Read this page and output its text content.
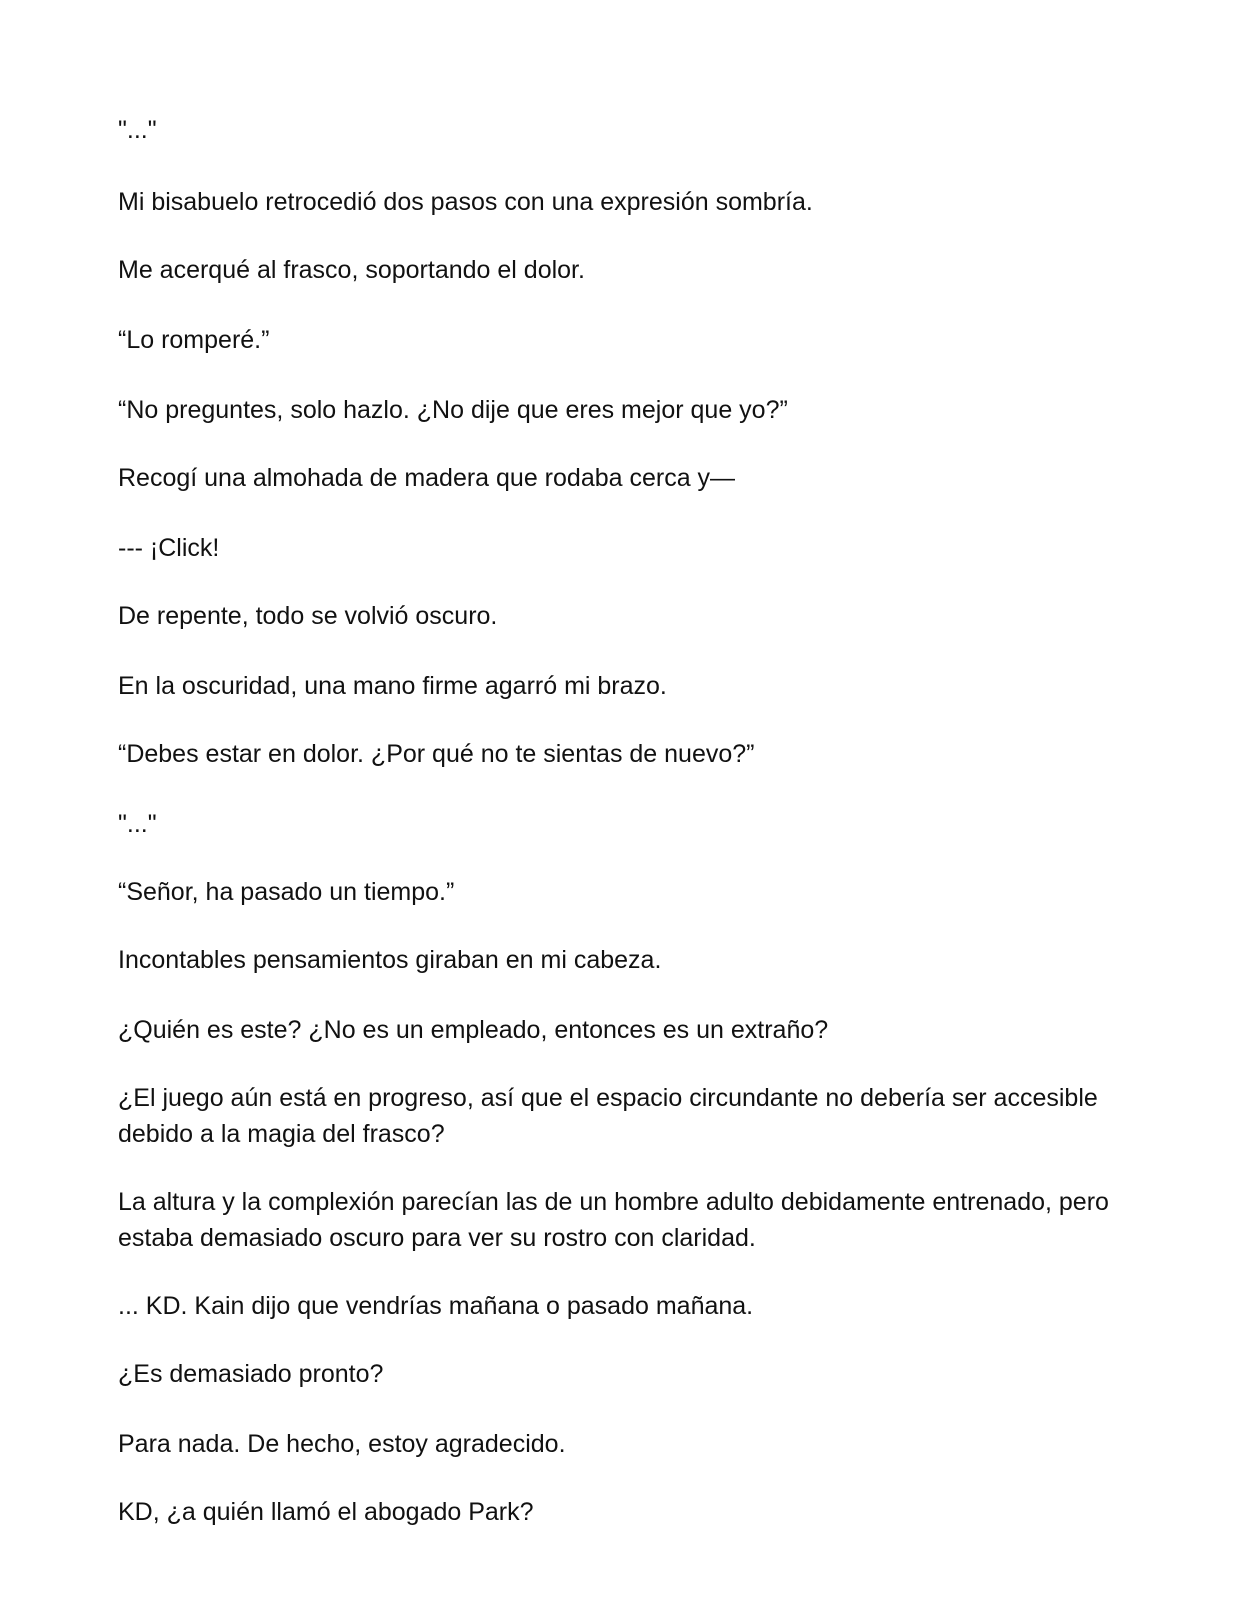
"..."
Mi bisabuelo retrocedió dos pasos con una expresión sombría.
Me acerqué al frasco, soportando el dolor.
“Lo romperé.”
“No preguntes, solo hazlo. ¿No dije que eres mejor que yo?”
Recogí una almohada de madera que rodaba cerca y—
--- ¡Click!
De repente, todo se volvió oscuro.
En la oscuridad, una mano firme agarró mi brazo.
“Debes estar en dolor. ¿Por qué no te sientas de nuevo?”
"..."
“Señor, ha pasado un tiempo.”
Incontables pensamientos giraban en mi cabeza.
¿Quién es este? ¿No es un empleado, entonces es un extraño?
¿El juego aún está en progreso, así que el espacio circundante no debería ser accesible debido a la magia del frasco?
La altura y la complexión parecían las de un hombre adulto debidamente entrenado, pero estaba demasiado oscuro para ver su rostro con claridad.
... KD. Kain dijo que vendrías mañana o pasado mañana.
¿Es demasiado pronto?
Para nada. De hecho, estoy agradecido.
KD, ¿a quién llamó el abogado Park?
